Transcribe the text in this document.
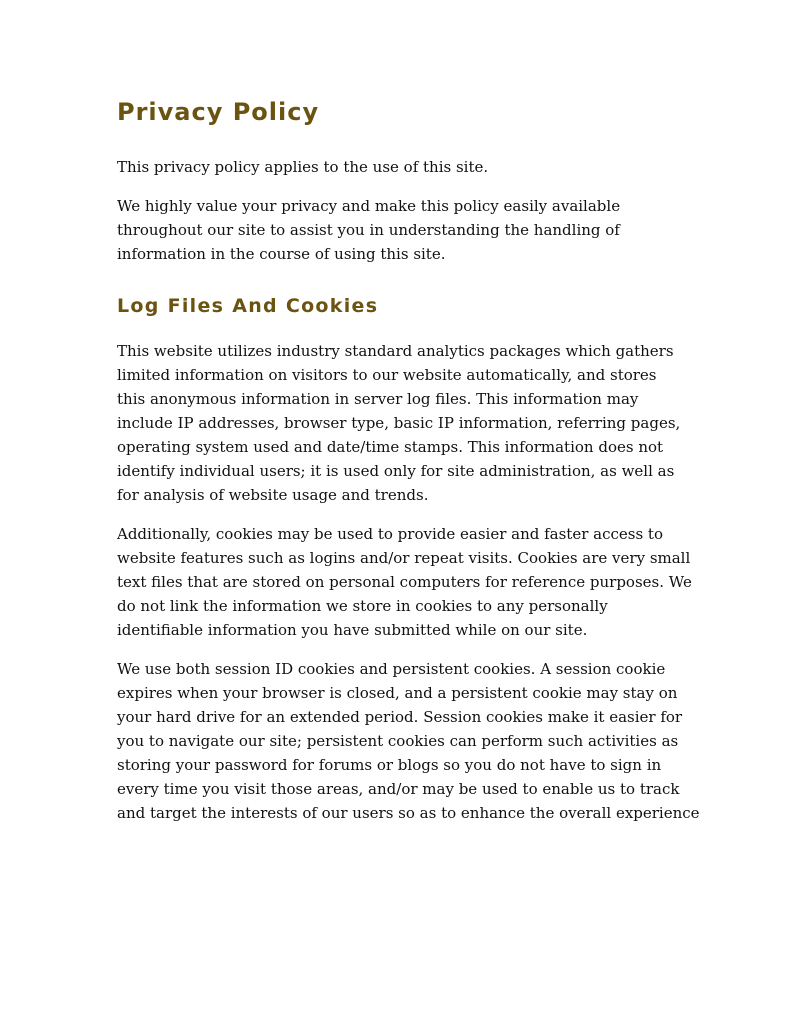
Privacy Policy

This privacy policy applies to the use of this site.

We highly value your privacy and make this policy easily available
throughout our site to assist you in understanding the handling of
information in the course of using this site.

Log Files And Cookies

This website utilizes industry standard analytics packages which gathers
limited information on visitors to our website automatically, and stores
this anonymous information in server log files. This information may
include IP addresses, browser type, basic IP information, referring pages,
operating system used and date/time stamps. This information does not
identify individual users; it is used only for site administration, as well as
for analysis of website usage and trends.

Additionally, cookies may be used to provide easier and faster access to
website features such as logins and/or repeat visits. Cookies are very small
text files that are stored on personal computers for reference purposes. We
do not link the information we store in cookies to any personally
identifiable information you have submitted while on our site.

We use both session ID cookies and persistent cookies. A session cookie
expires when your browser is closed, and a persistent cookie may stay on
your hard drive for an extended period. Session cookies make it easier for
you to navigate our site; persistent cookies can perform such activities as
storing your password for forums or blogs so you do not have to sign in
every time you visit those areas, and/or may be used to enable us to track
and target the interests of our users so as to enhance the overall experience
